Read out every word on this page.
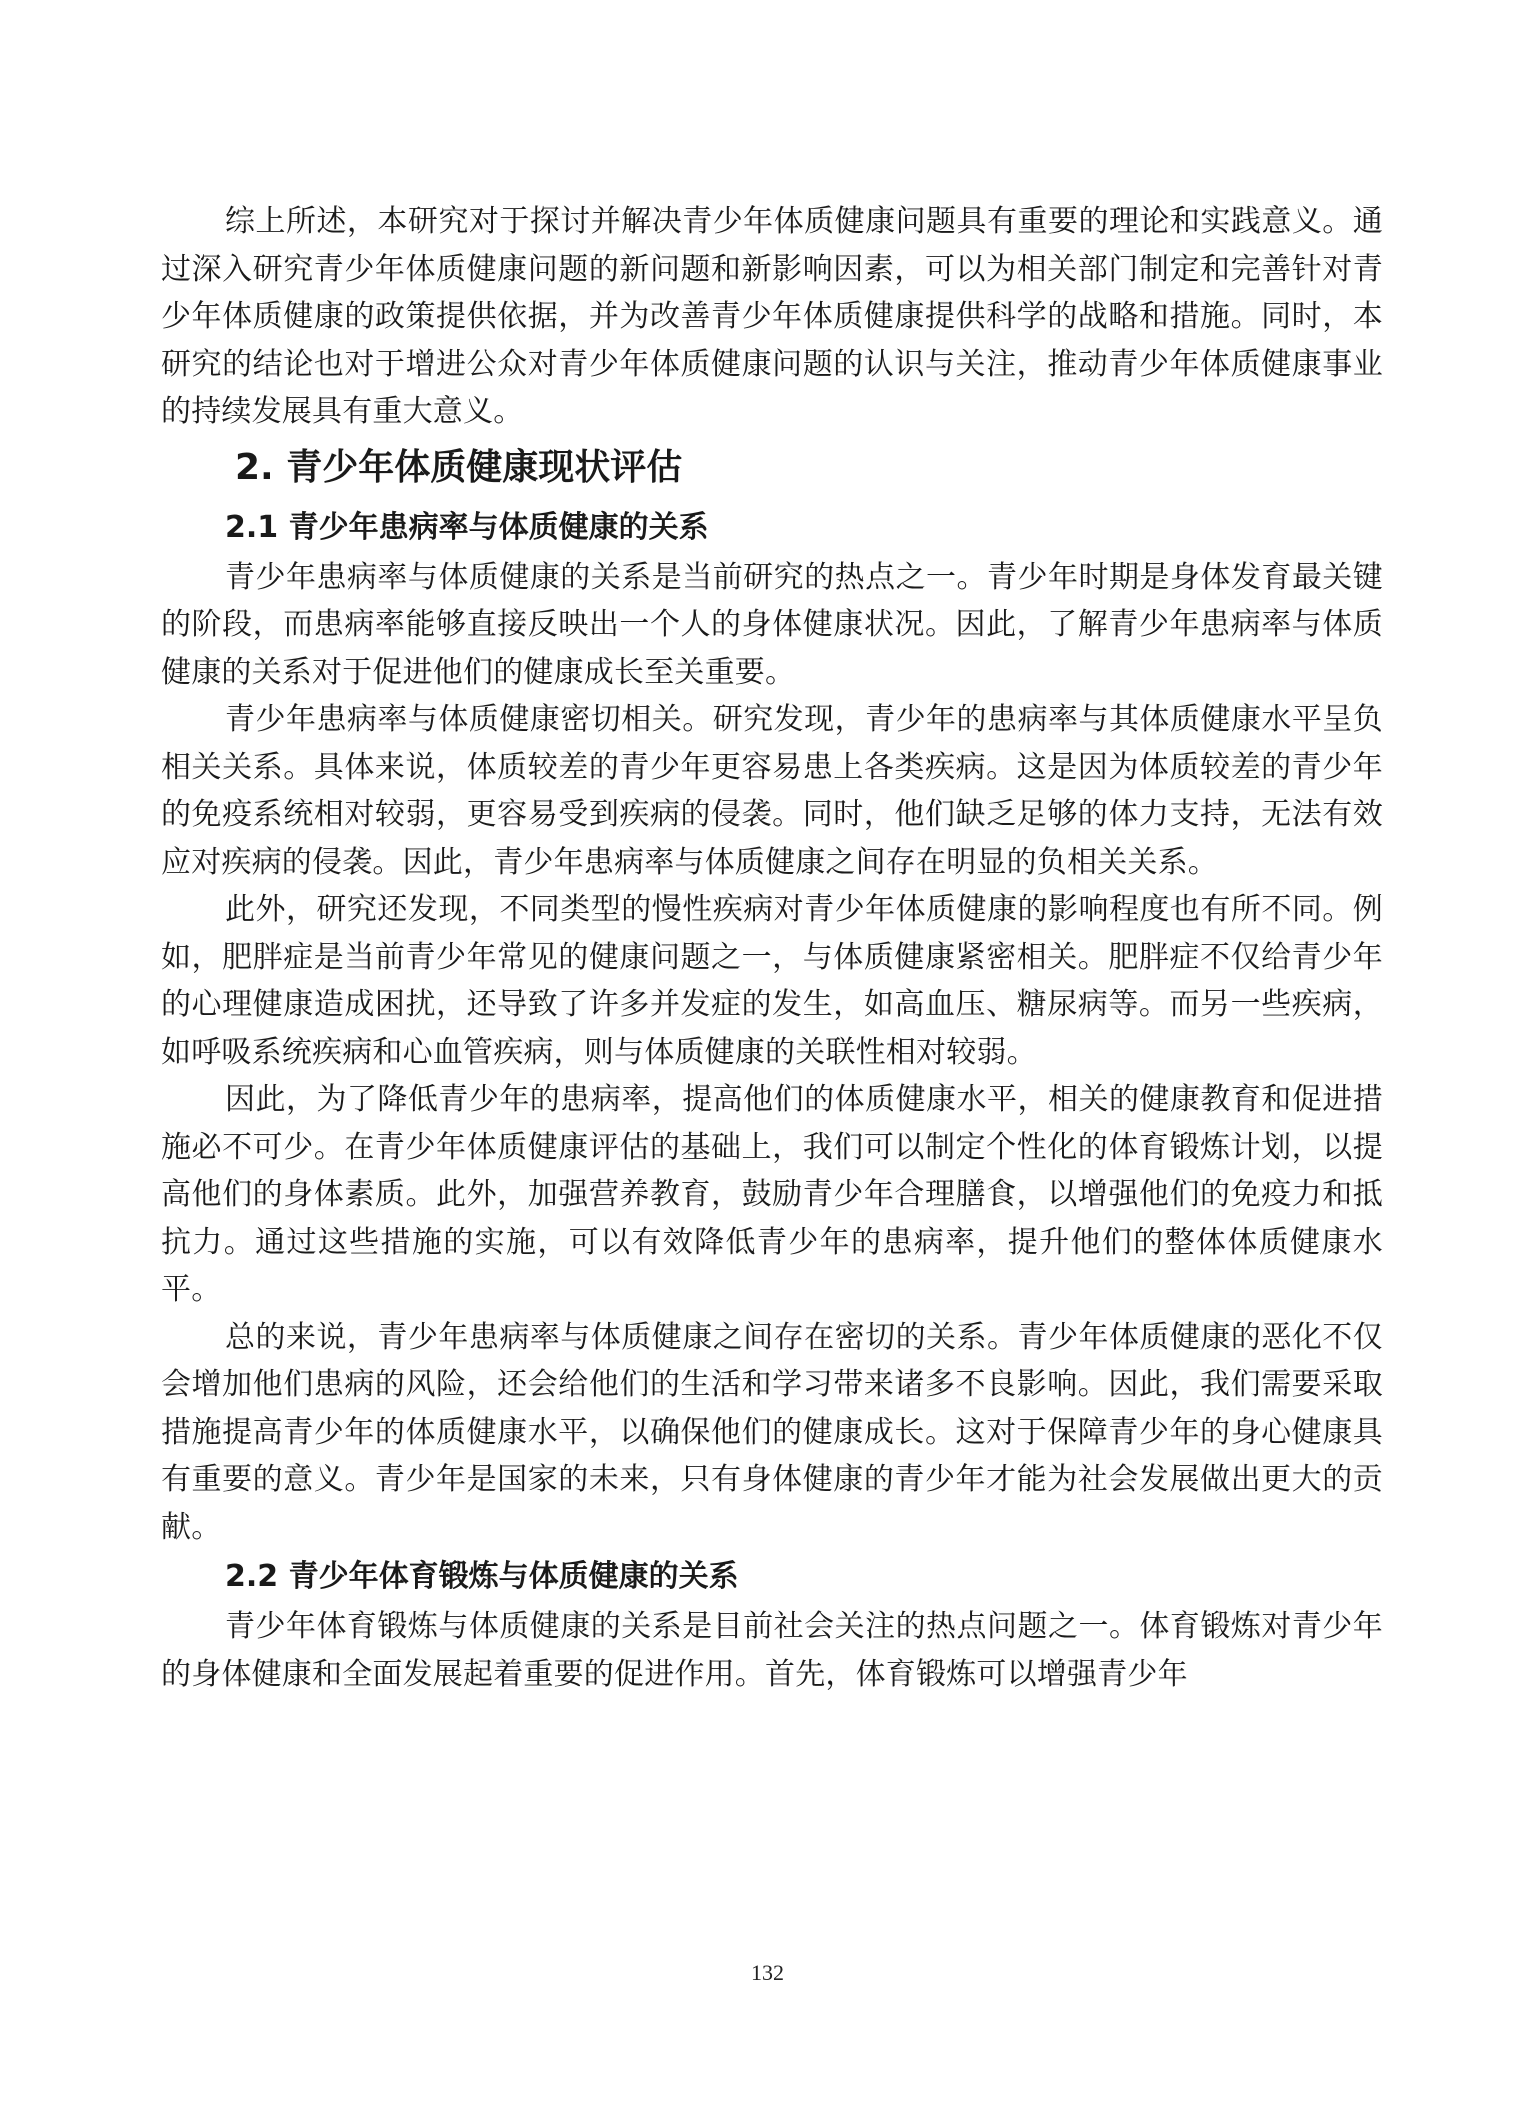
综上所述，本研究对于探讨并解决青少年体质健康问题具有重要的理论和实践意义。通过深入研究青少年体质健康问题的新问题和新影响因素，可以为相关部门制定和完善针对青少年体质健康的政策提供依据，并为改善青少年体质健康提供科学的战略和措施。同时，本研究的结论也对于增进公众对青少年体质健康问题的认识与关注，推动青少年体质健康事业的持续发展具有重大意义。

2. 青少年体质健康现状评估
2.1 青少年患病率与体质健康的关系

青少年患病率与体质健康的关系是当前研究的热点之一。青少年时期是身体发育最关键的阶段，而患病率能够直接反映出一个人的身体健康状况。因此，了解青少年患病率与体质健康的关系对于促进他们的健康成长至关重要。

青少年患病率与体质健康密切相关。研究发现，青少年的患病率与其体质健康水平呈负相关关系。具体来说，体质较差的青少年更容易患上各类疾病。这是因为体质较差的青少年的免疫系统相对较弱，更容易受到疾病的侵袭。同时，他们缺乏足够的体力支持，无法有效应对疾病的侵袭。因此，青少年患病率与体质健康之间存在明显的负相关关系。

此外，研究还发现，不同类型的慢性疾病对青少年体质健康的影响程度也有所不同。例如，肥胖症是当前青少年常见的健康问题之一，与体质健康紧密相关。肥胖症不仅给青少年的心理健康造成困扰，还导致了许多并发症的发生，如高血压、糖尿病等。而另一些疾病，如呼吸系统疾病和心血管疾病，则与体质健康的关联性相对较弱。

因此，为了降低青少年的患病率，提高他们的体质健康水平，相关的健康教育和促进措施必不可少。在青少年体质健康评估的基础上，我们可以制定个性化的体育锻炼计划，以提高他们的身体素质。此外，加强营养教育，鼓励青少年合理膳食，以增强他们的免疫力和抵抗力。通过这些措施的实施，可以有效降低青少年的患病率，提升他们的整体体质健康水平。

总的来说，青少年患病率与体质健康之间存在密切的关系。青少年体质健康的恶化不仅会增加他们患病的风险，还会给他们的生活和学习带来诸多不良影响。因此，我们需要采取措施提高青少年的体质健康水平，以确保他们的健康成长。这对于保障青少年的身心健康具有重要的意义。青少年是国家的未来，只有身体健康的青少年才能为社会发展做出更大的贡献。

2.2 青少年体育锻炼与体质健康的关系

青少年体育锻炼与体质健康的关系是目前社会关注的热点问题之一。体育锻炼对青少年的身体健康和全面发展起着重要的促进作用。首先，体育锻炼可以增强青少年

132
